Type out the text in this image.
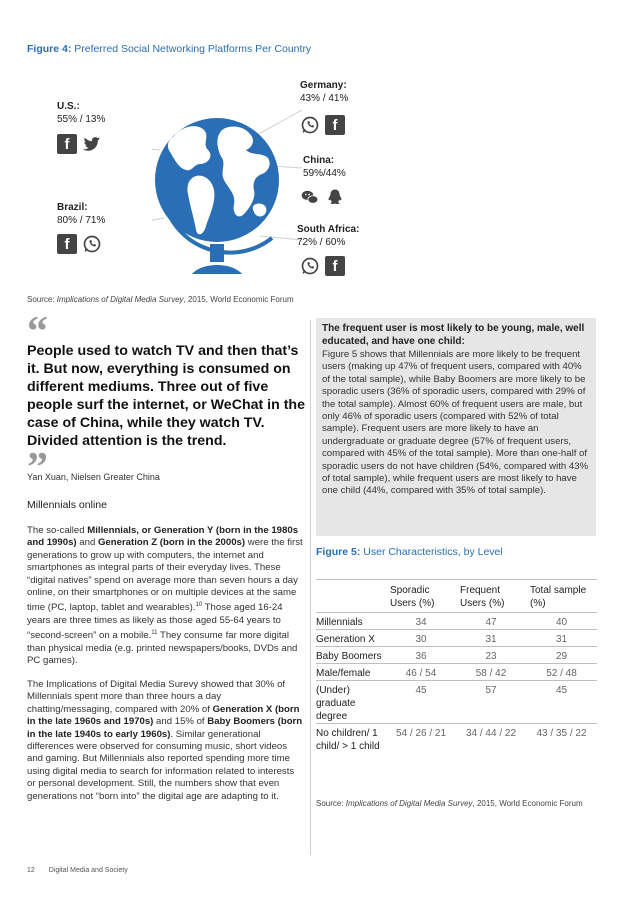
Figure 4: Preferred Social Networking Platforms Per Country
U.S.:
55% / 13%
f
Brazil:
80% / 71%
f
Germany:
43% / 41%
f
China:
59%/44%
South Africa:
72% / 60%
f
Source: Implications of Digital Media Survey, 2015, World Economic Forum
“
People used to watch TV and then that’s it. But now, everything is consumed on different mediums. Three out of five people surf the internet, or WeChat in the case of China, while they watch TV. Divided attention is the trend.
”
Yan Xuan, Nielsen Greater China
Millennials online
The so-called Millennials, or Generation Y (born in the 1980s and 1990s) and Generation Z (born in the 2000s) were the first generations to grow up with computers, the internet and smartphones as integral parts of their everyday lives. These “digital natives” spend on average more than seven hours a day online, on their smartphones or on multiple devices at the same time (PC, laptop, tablet and wearables).$^{10}$ Those aged 16-24 years are three times as likely as those aged 55-64 years to “second-screen” on a mobile.$^{11}$ They consume far more digital than physical media (e.g. printed newspapers/books, DVDs and PC games).
The Implications of Digital Media Surevy showed that 30% of Millennials spent more than three hours a day chatting/messaging, compared with 20% of Generation X (born in the late 1960s and 1970s) and 15% of Baby Boomers (born in the late 1940s to early 1960s). Similar generational differences were observed for consuming music, short videos and gaming. But Millennials also reported spending more time using digital media to search for information related to interests or personal development. Still, the numbers show that even generations not “born into” the digital age are adapting to it.
The frequent user is most likely to be young, male, well educated, and have one child:
Figure 5 shows that Millennials are more likely to be frequent users (making up 47% of frequent users, compared with 40% of the total sample), while Baby Boomers are more likely to be sporadic users (36% of sporadic users, compared with 29% of the total sample). Almost 60% of frequent users are male, but only 46% of sporadic users (compared with 52% of total sample). Frequent users are more likely to have an undergraduate or graduate degree (57% of frequent users, compared with 45% of the total sample). More than one-half of sporadic users do not have children (54%, compared with 43% of total sample), while frequent users are most likely to have one child (44%, compared with 35% of total sample).
Figure 5: User Characteristics, by Level
	Sporadic Users (%)	Frequent Users (%)	Total sample (%)
Millennials	34	47	40
Generation X	30	31	31
Baby Boomers	36	23	29
Male/female	46 / 54	58 / 42	52 / 48
(Under) graduate degree	45	57	45
No children/ 1 child/ > 1 child	54 / 26 / 21	34 / 44 / 22	43 / 35 / 22
Source: Implications of Digital Media Survey, 2015, World Economic Forum
12 Digital Media and Society
